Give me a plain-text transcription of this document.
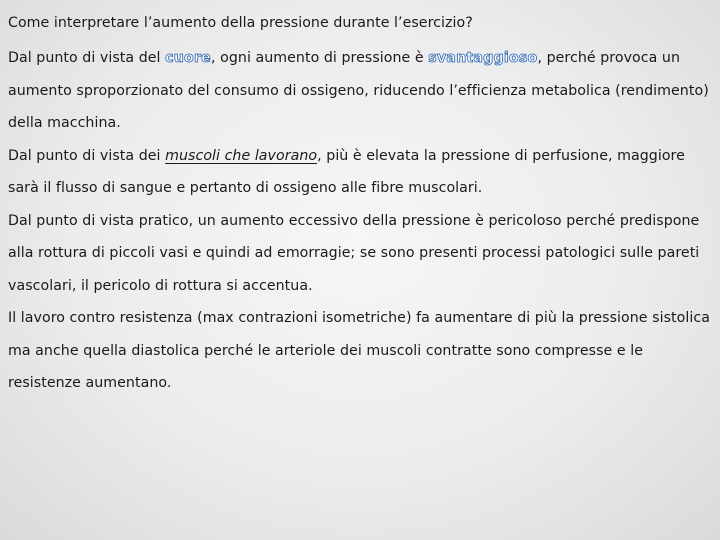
Come interpretare l’aumento della pressione durante l’esercizio?

Dal punto di vista del cuore, ogni aumento di pressione è svantaggioso, perché provoca un aumento sproporzionato del consumo di ossigeno, riducendo l’efficienza metabolica (rendimento) della macchina.

Dal punto di vista dei muscoli che lavorano, più è elevata la pressione di perfusione, maggiore sarà il flusso di sangue e pertanto di ossigeno alle fibre muscolari.

Dal punto di vista pratico, un aumento eccessivo della pressione è pericoloso perché predispone alla rottura di piccoli vasi e quindi ad emorragie; se sono presenti processi patologici sulle pareti vascolari, il pericolo di rottura si accentua.

Il lavoro contro resistenza (max contrazioni isometriche) fa aumentare di più la pressione sistolica ma anche quella diastolica perché le arteriole dei muscoli contratte sono compresse e le resistenze aumentano.
